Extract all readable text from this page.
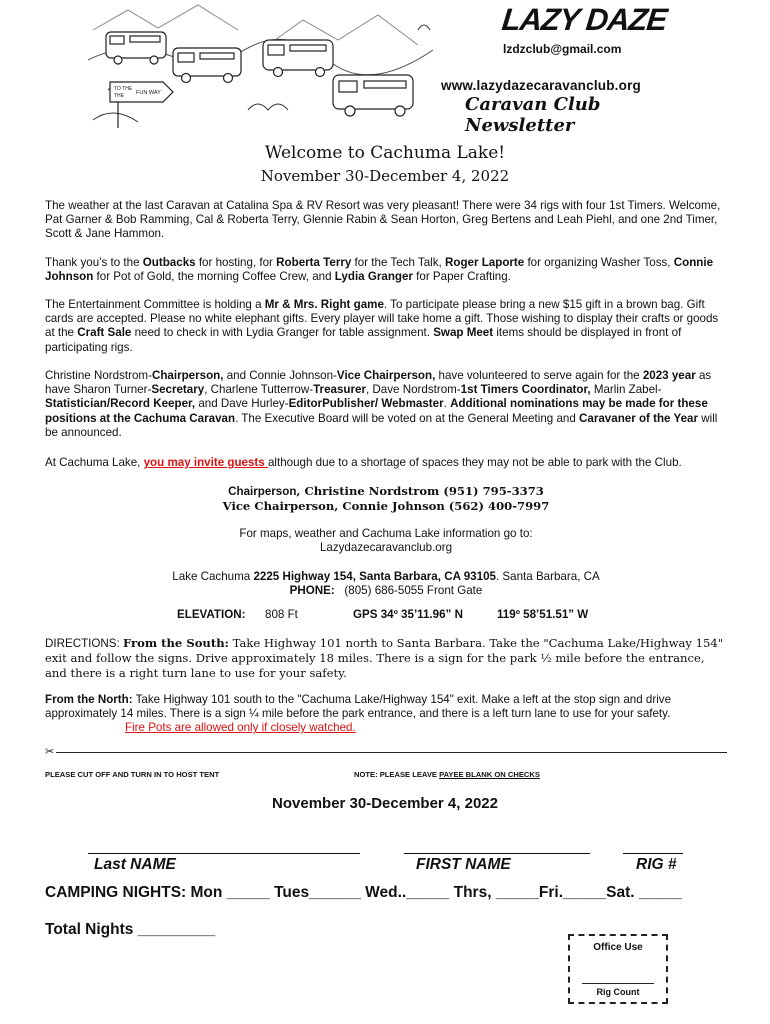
TO THE
THE FUN WAY
LAZY DAZE
lzdzclub@gmail.com
www.lazydazecaravanclub.org
Caravan Club Newsletter
Welcome to Cachuma Lake!
November 30-December 4, 2022

The weather at the last Caravan at Catalina Spa & RV Resort was very pleasant! There were 34 rigs with four 1st Timers. Welcome, Pat Garner & Bob Ramming, Cal & Roberta Terry, Glennie Rabin & Sean Horton, Greg Bertens and Leah Piehl, and one 2nd Timer, Scott & Jane Hammon.

Thank you’s to the Outbacks for hosting, for Roberta Terry for the Tech Talk, Roger Laporte for organizing Washer Toss, Connie Johnson for Pot of Gold, the morning Coffee Crew, and Lydia Granger for Paper Crafting.

The Entertainment Committee is holding a Mr & Mrs. Right game. To participate please bring a new $15 gift in a brown bag. Gift cards are accepted. Please no white elephant gifts. Every player will take home a gift. Those wishing to display their crafts or goods at the Craft Sale need to check in with Lydia Granger for table assignment. Swap Meet items should be displayed in front of participating rigs.

Christine Nordstrom-Chairperson, and Connie Johnson-Vice Chairperson, have volunteered to serve again for the 2023 year as have Sharon Turner-Secretary, Charlene Tutterrow-Treasurer, Dave Nordstrom-1st Timers Coordinator, Marlin Zabel-Statistician/Record Keeper, and Dave Hurley-EditorPublisher/ Webmaster. Additional nominations may be made for these positions at the Cachuma Caravan. The Executive Board will be voted on at the General Meeting and Caravaner of the Year will be announced.

At Cachuma Lake, you may invite guests although due to a shortage of spaces they may not be able to park with the Club.

Chairperson, Christine Nordstrom (951) 795-3373

Vice Chairperson, Connie Johnson (562) 400-7997

For maps, weather and Cachuma Lake information go to:

Lazydazecaravanclub.org

Lake Cachuma 2225 Highway 154, Santa Barbara, CA 93105. Santa Barbara, CA

PHONE: (805) 686-5055 Front Gate

ELEVATION: 808 Ft	GPS 34º 35’11.96” N	119º 58’51.51” W

DIRECTIONS: From the South: Take Highway 101 north to Santa Barbara. Take the "Cachuma Lake/Highway 154" exit and follow the signs. Drive approximately 18 miles. There is a sign for the park ½ mile before the entrance, and there is a right turn lane to use for your safety.

From the North: Take Highway 101 south to the "Cachuma Lake/Highway 154" exit. Make a left at the stop sign and drive approximately 14 miles. There is a sign ¼ mile before the park entrance, and there is a left turn lane to use for your safety. Fire Pots are allowed only if closely watched.

✂
PLEASE CUT OFF AND TURN IN TO HOST TENT	NOTE: PLEASE LEAVE PAYEE BLANK ON CHECKS
November 30-December 4, 2022
Last NAME	FIRST NAME	RIG #
CAMPING NIGHTS: Mon _____ Tues______ Wed.._____ Thrs, _____Fri._____Sat. _____
Total Nights _________
Office Use
Rig Count
